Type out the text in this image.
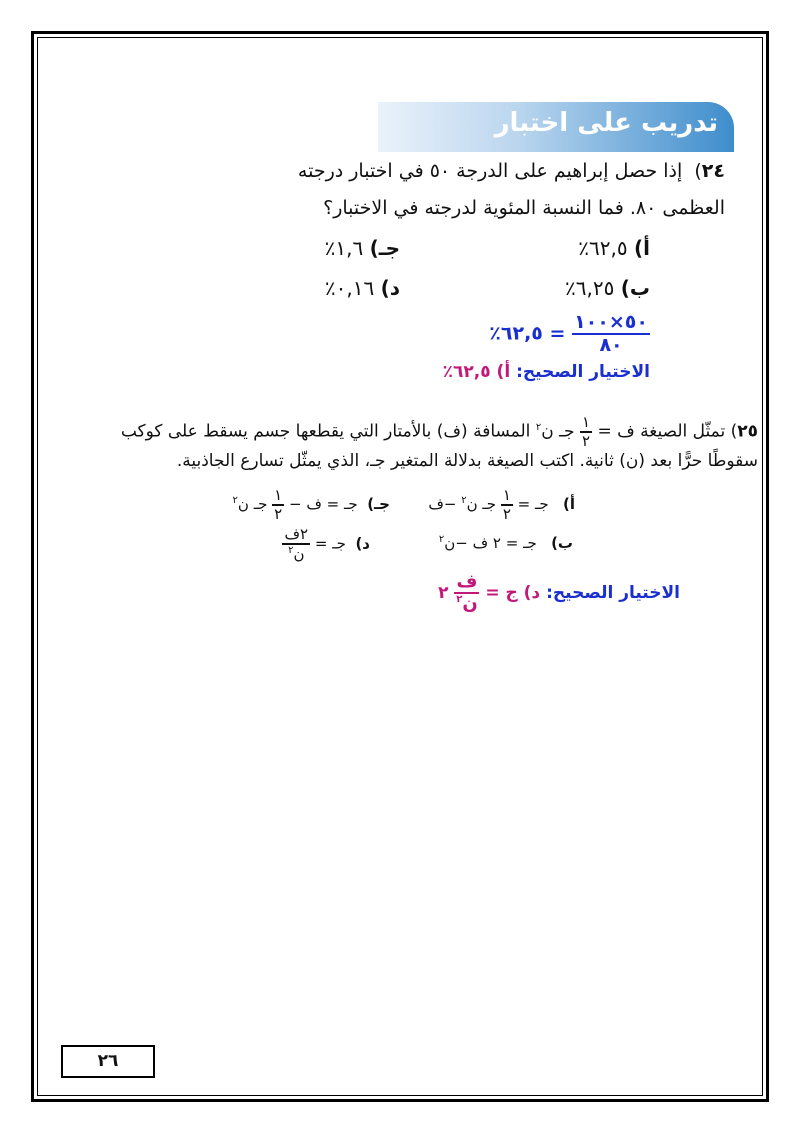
تدريب على اختبار
٢٤)  إذا حصل إبراهيم على الدرجة ٥٠ في اختبار درجته
العظمى ٨٠. فما النسبة المئوية لدرجته في الاختبار؟
أ) ٦٢,٥٪
جـ) ١,٦٪
ب) ٦,٢٥٪
د) ٠,١٦٪
$\frac{٥٠\times ١٠٠}{٨٠}$
= ٦٢,٥٪
الاختيار الصحيح: أ) ٦٢,٥٪
٢٥) تمثّل الصيغة ف =
$\frac{١}{٢}$
جـ ن$^٢$ المسافة (ف) بالأمتار التي يقطعها جسم يسقط على كوكب
سقوطًا حرًّا بعد (ن) ثانية. اكتب الصيغة بدلالة المتغير جـ، الذي يمثّل تسارع الجاذبية.
أ)   جـ =
$\frac{١}{٢}$
جـ ن$^٢$ −ف
جـ)  جـ = ف −
$\frac{١}{٢}$
جـ ن$^٢$
ب)   جـ = ٢ ف −ن$^٢$
د)  جـ =
$\frac{\text{٢ف}}{ن^٢}$
الاختيار الصحيح: د) ج =
$\frac{\text{ف}}{ن^٢}$
٢
٢٦
